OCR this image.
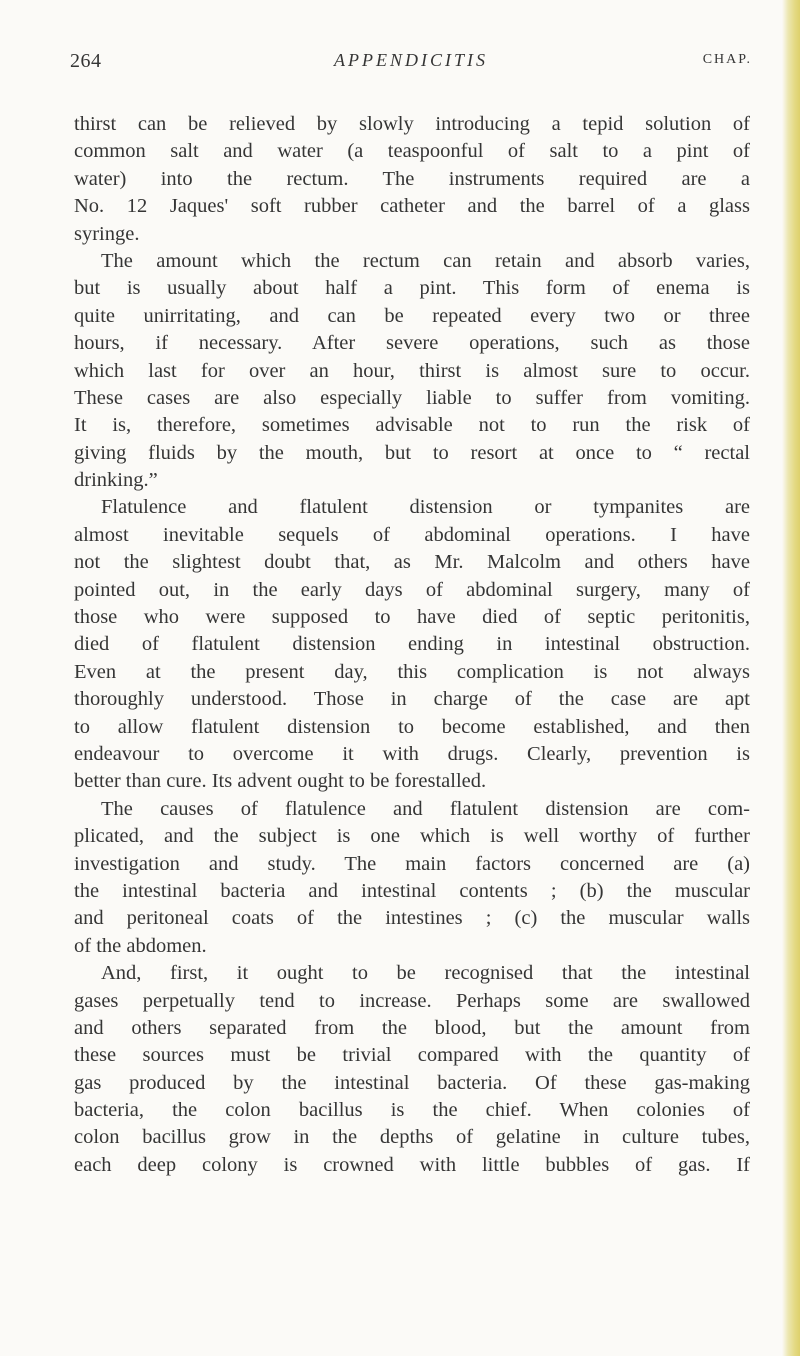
264	APPENDICITIS	CHAP.
thirst can be relieved by slowly introducing a tepid solution of
common salt and water (a teaspoonful of salt to a pint of
water) into the rectum. The instruments required are a
No. 12 Jaques' soft rubber catheter and the barrel of a glass
syringe.
The amount which the rectum can retain and absorb varies,
but is usually about half a pint. This form of enema is
quite unirritating, and can be repeated every two or three
hours, if necessary. After severe operations, such as those
which last for over an hour, thirst is almost sure to occur.
These cases are also especially liable to suffer from vomiting.
It is, therefore, sometimes advisable not to run the risk of
giving fluids by the mouth, but to resort at once to “ rectal
drinking.”
Flatulence and flatulent distension or tympanites are
almost inevitable sequels of abdominal operations. I have
not the slightest doubt that, as Mr. Malcolm and others have
pointed out, in the early days of abdominal surgery, many of
those who were supposed to have died of septic peritonitis,
died of flatulent distension ending in intestinal obstruction.
Even at the present day, this complication is not always
thoroughly understood. Those in charge of the case are apt
to allow flatulent distension to become established, and then
endeavour to overcome it with drugs. Clearly, prevention is
better than cure. Its advent ought to be forestalled.
The causes of flatulence and flatulent distension are com-
plicated, and the subject is one which is well worthy of further
investigation and study. The main factors concerned are (a)
the intestinal bacteria and intestinal contents ; (b) the muscular
and peritoneal coats of the intestines ; (c) the muscular walls
of the abdomen.
And, first, it ought to be recognised that the intestinal
gases perpetually tend to increase. Perhaps some are swallowed
and others separated from the blood, but the amount from
these sources must be trivial compared with the quantity of
gas produced by the intestinal bacteria. Of these gas-making
bacteria, the colon bacillus is the chief. When colonies of
colon bacillus grow in the depths of gelatine in culture tubes,
each deep colony is crowned with little bubbles of gas. If
